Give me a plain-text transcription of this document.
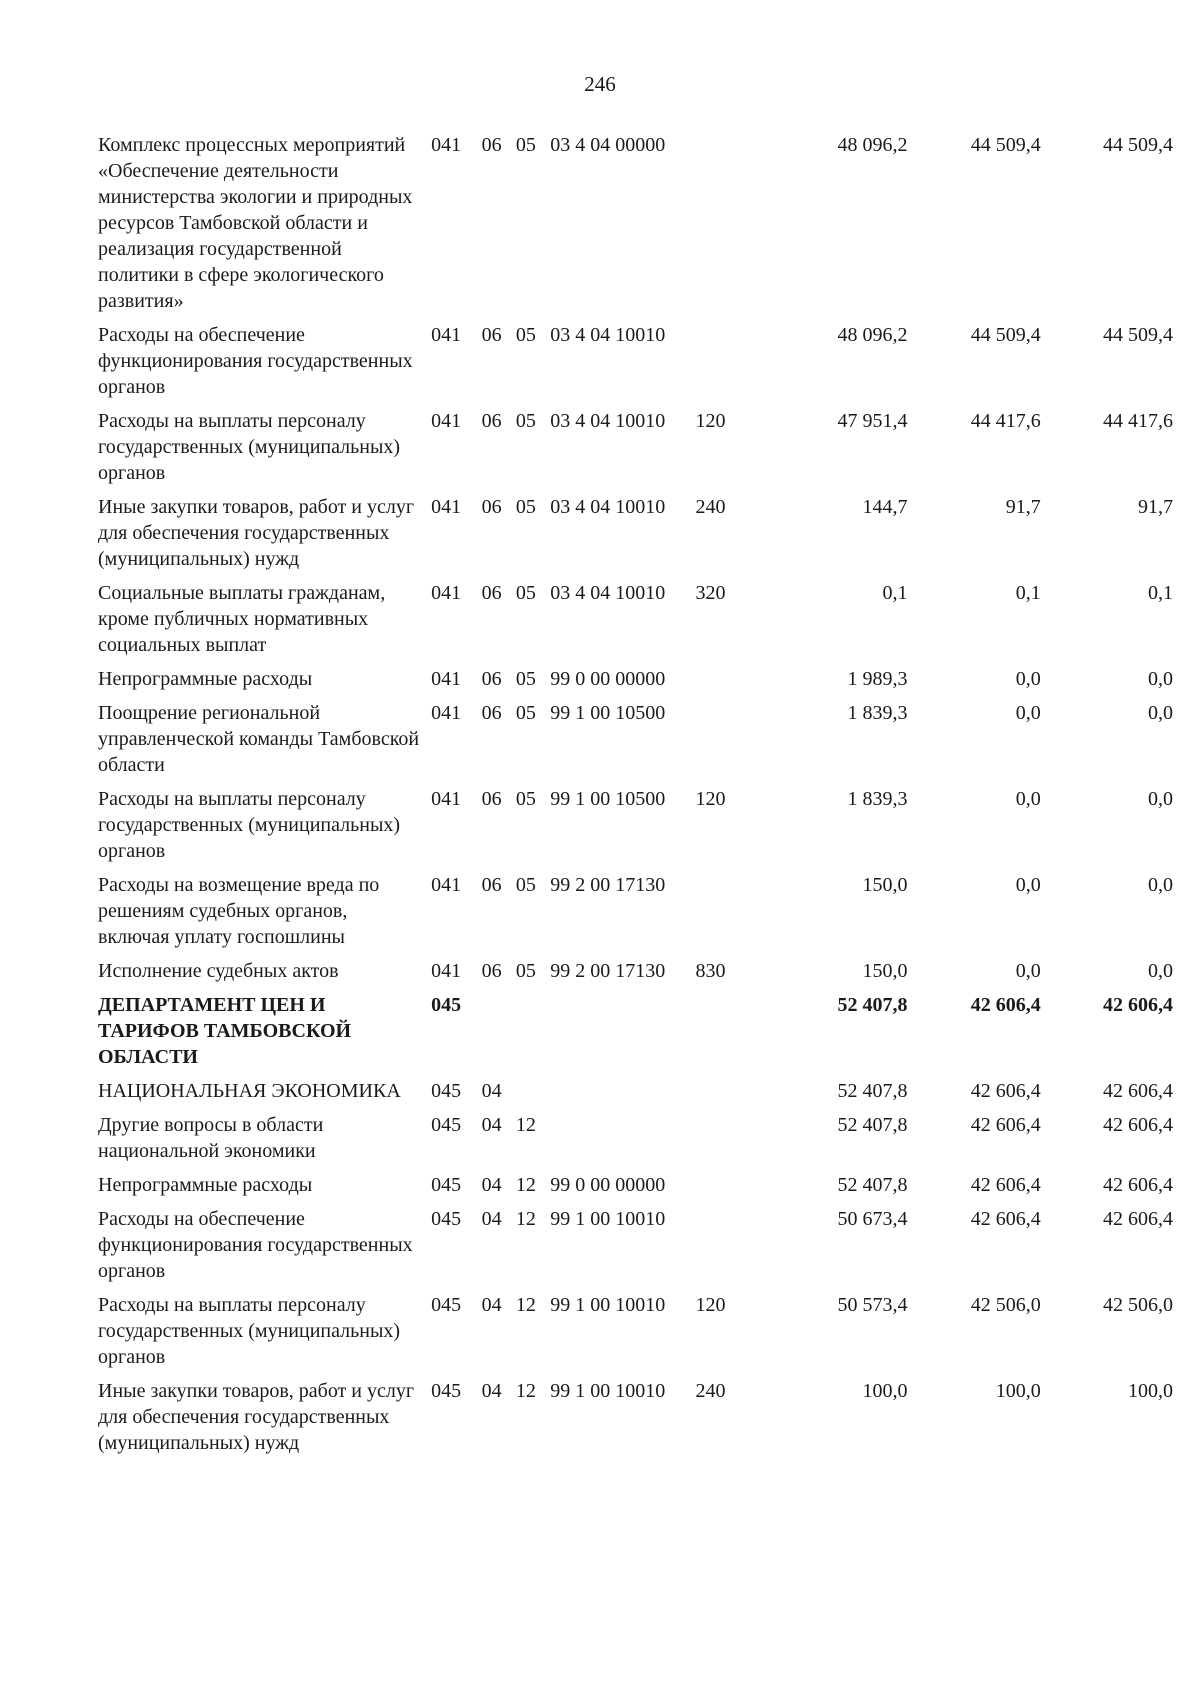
246
Комплекс процессных мероприятий «Обеспечение деятельности министерства экологии и природных ресурсов Тамбовской области и реализация государственной политики в сфере экологического развития»	041	06	05	03 4 04 00000		48 096,2	44 509,4	44 509,4
Расходы на обеспечение функционирования государственных органов	041	06	05	03 4 04 10010		48 096,2	44 509,4	44 509,4
Расходы на выплаты персоналу государственных (муниципальных) органов	041	06	05	03 4 04 10010	120	47 951,4	44 417,6	44 417,6
Иные закупки товаров, работ и услуг для обеспечения государственных (муниципальных) нужд	041	06	05	03 4 04 10010	240	144,7	91,7	91,7
Социальные выплаты гражданам, кроме публичных нормативных социальных выплат	041	06	05	03 4 04 10010	320	0,1	0,1	0,1
Непрограммные расходы	041	06	05	99 0 00 00000		1 989,3	0,0	0,0
Поощрение региональной управленческой команды Тамбовской области	041	06	05	99 1 00 10500		1 839,3	0,0	0,0
Расходы на выплаты персоналу государственных (муниципальных) органов	041	06	05	99 1 00 10500	120	1 839,3	0,0	0,0
Расходы на возмещение вреда по решениям судебных органов, включая уплату госпошлины	041	06	05	99 2 00 17130		150,0	0,0	0,0
Исполнение судебных актов	041	06	05	99 2 00 17130	830	150,0	0,0	0,0
ДЕПАРТАМЕНТ ЦЕН И ТАРИФОВ ТАМБОВСКОЙ ОБЛАСТИ	045					52 407,8	42 606,4	42 606,4
НАЦИОНАЛЬНАЯ ЭКОНОМИКА	045	04				52 407,8	42 606,4	42 606,4
Другие вопросы в области национальной экономики	045	04	12			52 407,8	42 606,4	42 606,4
Непрограммные расходы	045	04	12	99 0 00 00000		52 407,8	42 606,4	42 606,4
Расходы на обеспечение функционирования государственных органов	045	04	12	99 1 00 10010		50 673,4	42 606,4	42 606,4
Расходы на выплаты персоналу государственных (муниципальных) органов	045	04	12	99 1 00 10010	120	50 573,4	42 506,0	42 506,0
Иные закупки товаров, работ и услуг для обеспечения государственных (муниципальных) нужд	045	04	12	99 1 00 10010	240	100,0	100,0	100,0
